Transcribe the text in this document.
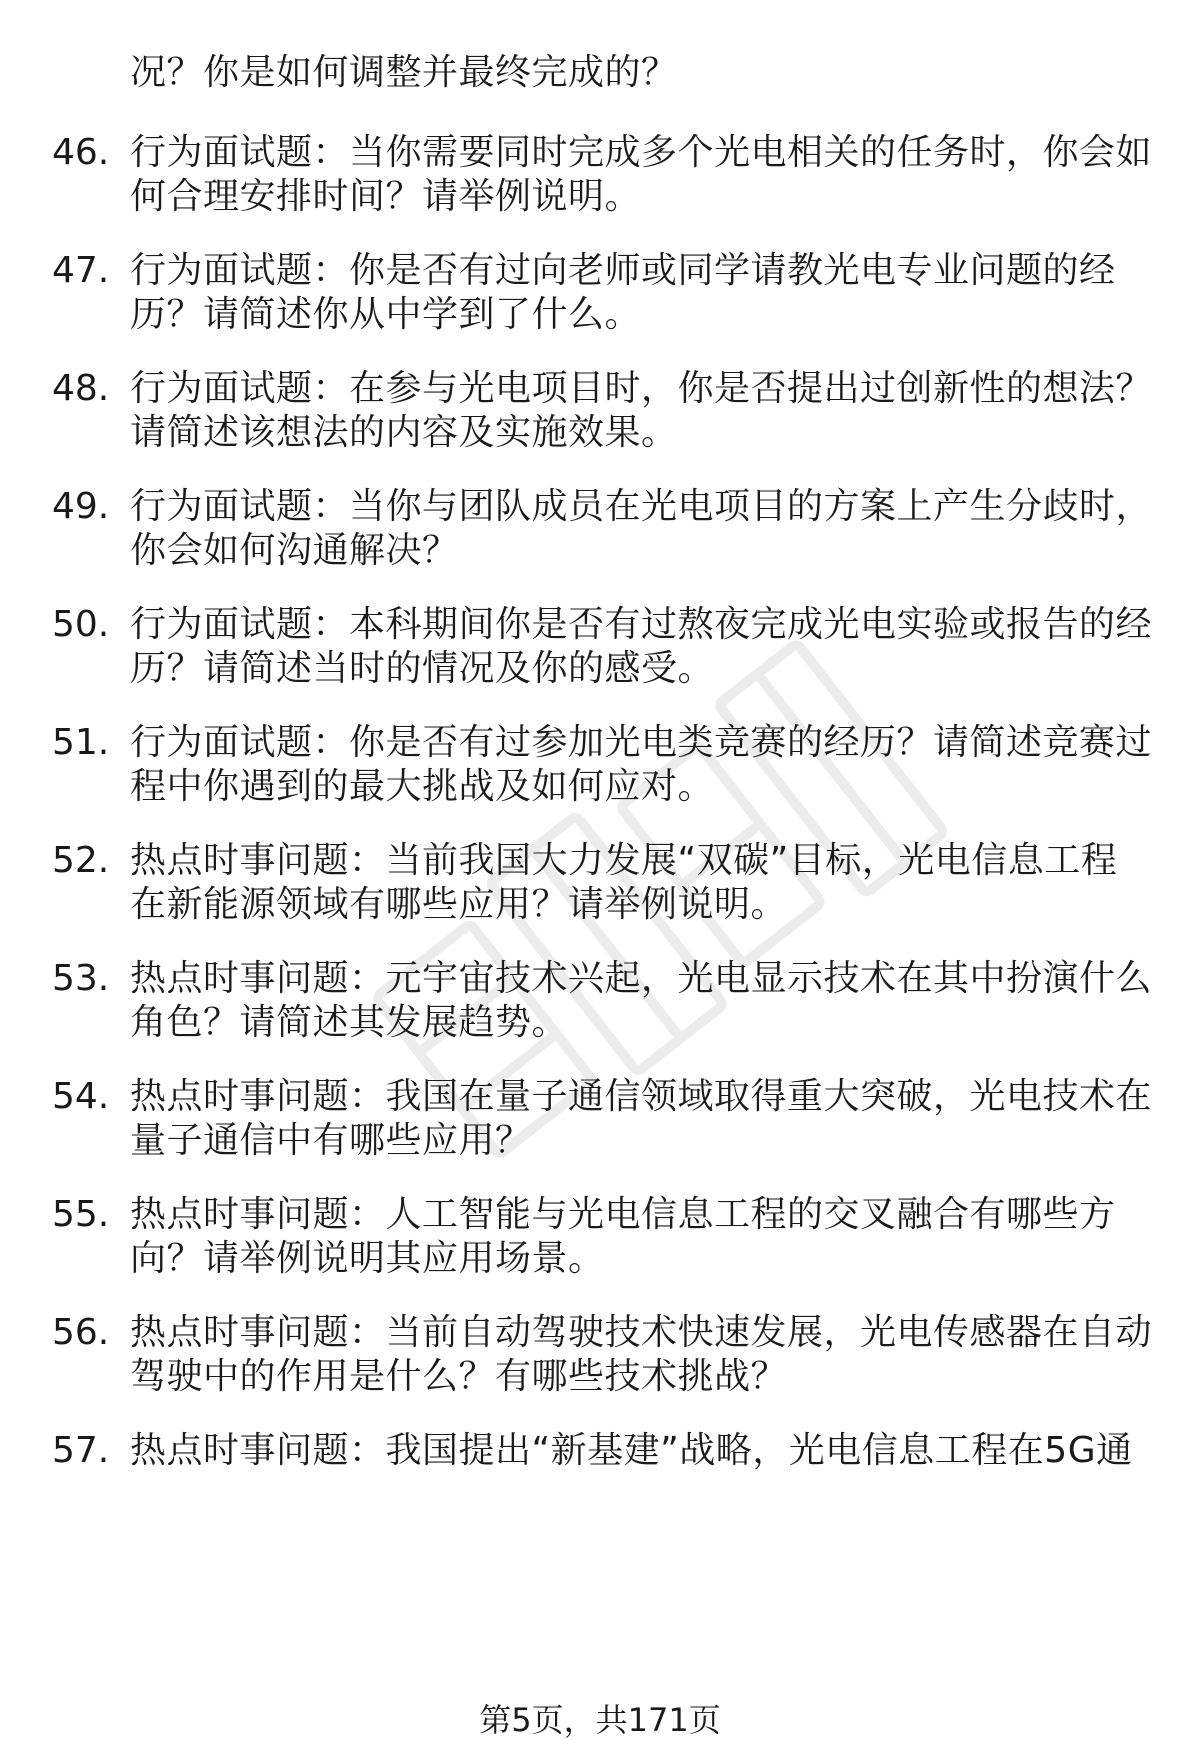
况？你是如何调整并最终完成的？
46. 行为面试题：当你需要同时完成多个光电相关的任务时，你会如
何合理安排时间？请举例说明。
47. 行为面试题：你是否有过向老师或同学请教光电专业问题的经
历？请简述你从中学到了什么。
48. 行为面试题：在参与光电项目时，你是否提出过创新性的想法？
请简述该想法的内容及实施效果。
49. 行为面试题：当你与团队成员在光电项目的方案上产生分歧时，
你会如何沟通解决？
50. 行为面试题：本科期间你是否有过熬夜完成光电实验或报告的经
历？请简述当时的情况及你的感受。
51. 行为面试题：你是否有过参加光电类竞赛的经历？请简述竞赛过
程中你遇到的最大挑战及如何应对。
52. 热点时事问题：当前我国大力发展“双碳”目标，光电信息工程
在新能源领域有哪些应用？请举例说明。
53. 热点时事问题：元宇宙技术兴起，光电显示技术在其中扮演什么
角色？请简述其发展趋势。
54. 热点时事问题：我国在量子通信领域取得重大突破，光电技术在
量子通信中有哪些应用？
55. 热点时事问题：人工智能与光电信息工程的交叉融合有哪些方
向？请举例说明其应用场景。
56. 热点时事问题：当前自动驾驶技术快速发展，光电传感器在自动
驾驶中的作用是什么？有哪些技术挑战？
57. 热点时事问题：我国提出“新基建”战略，光电信息工程在5G通
第5页，共171页
